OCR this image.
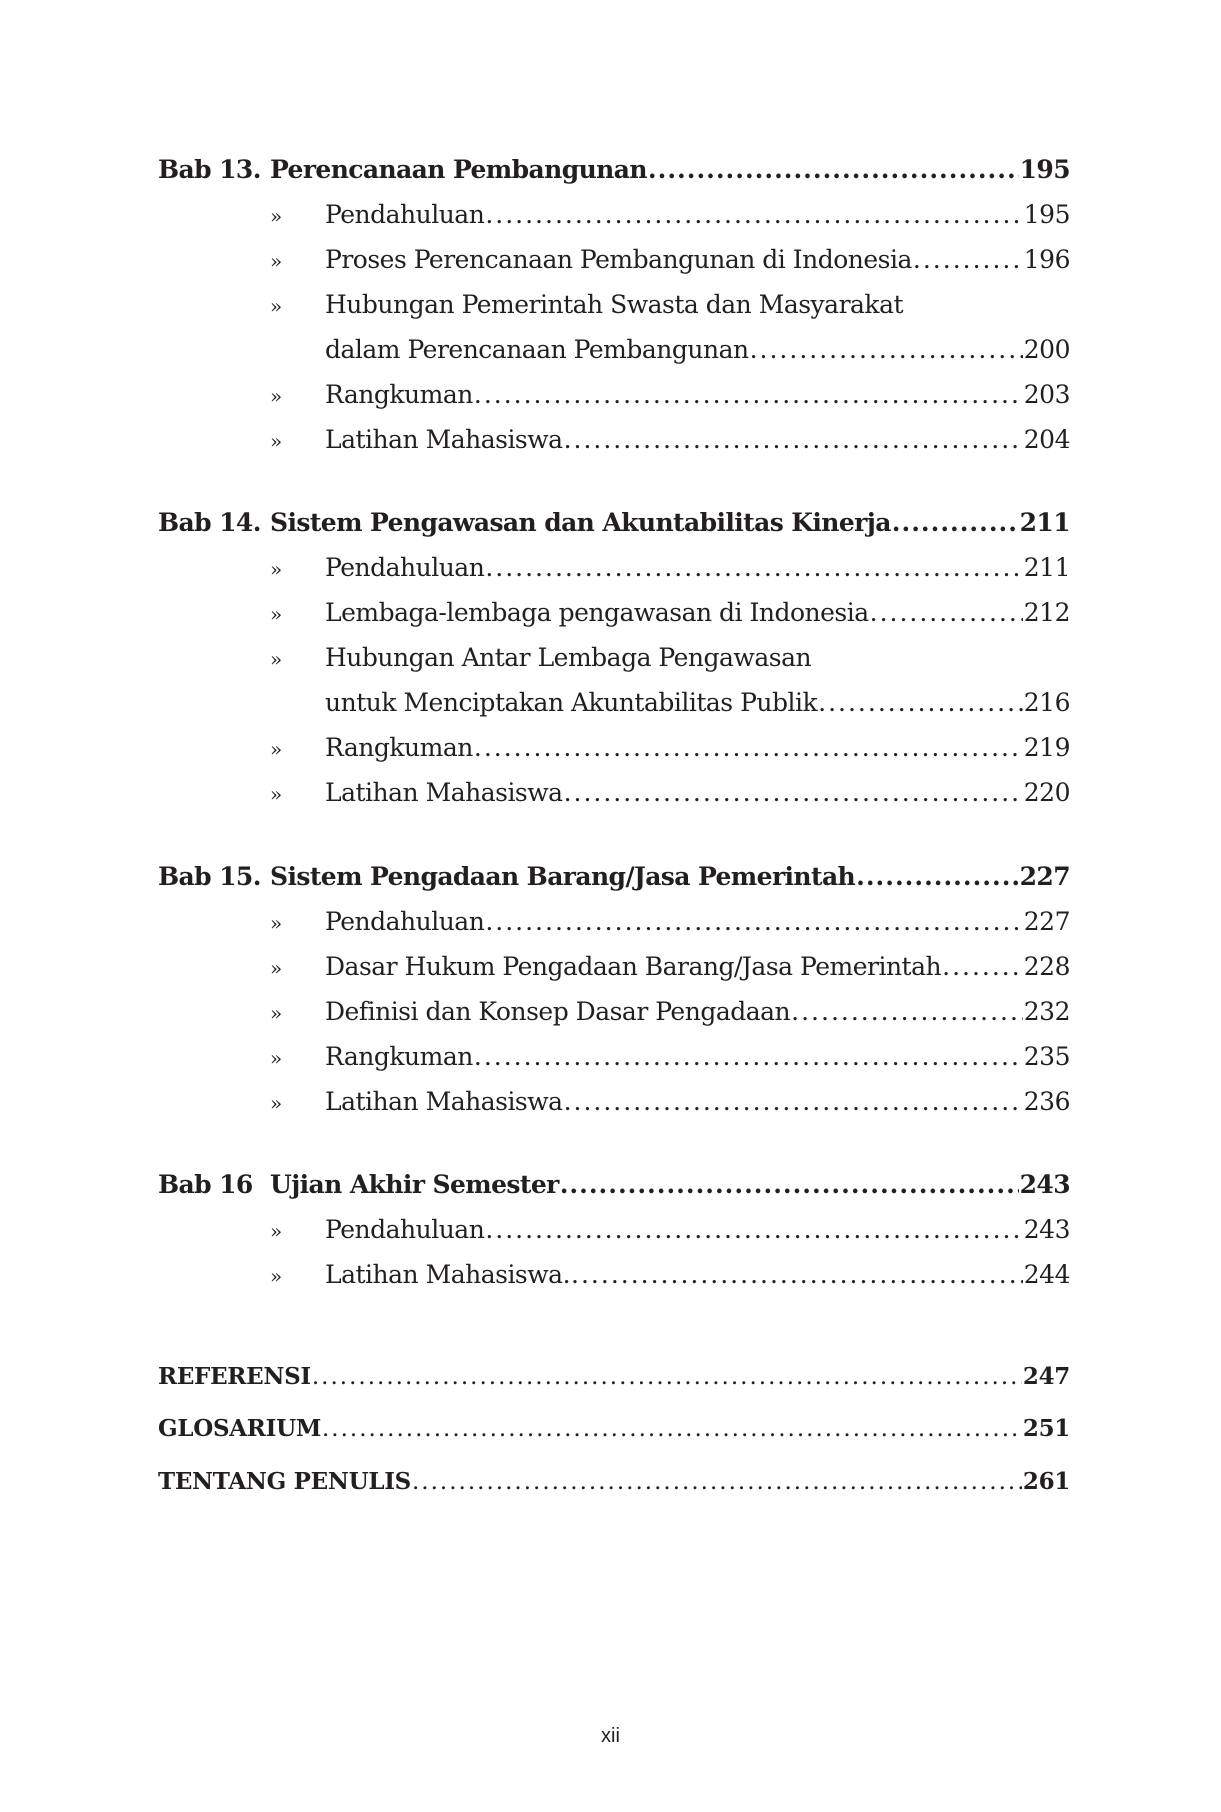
Bab 13. Perencanaan Pembangunan .....	195
»	Pendahuluan .....	195
»	Proses Perencanaan Pembangunan di Indonesia .....	196
»	Hubungan Pemerintah Swasta dan Masyarakat
dalam Perencanaan Pembangunan .....	200
»	Rangkuman .....	203
»	Latihan Mahasiswa .....	204
Bab 14. Sistem Pengawasan dan Akuntabilitas Kinerja .....	211
»	Pendahuluan .....	211
»	Lembaga-lembaga pengawasan di Indonesia .....	212
»	Hubungan Antar Lembaga Pengawasan
untuk Menciptakan Akuntabilitas Publik .....	216
»	Rangkuman .....	219
»	Latihan Mahasiswa .....	220
Bab 15. Sistem Pengadaan Barang/Jasa Pemerintah .....	227
»	Pendahuluan .....	227
»	Dasar Hukum Pengadaan Barang/Jasa Pemerintah .....	228
»	Definisi dan Konsep Dasar Pengadaan .....	232
»	Rangkuman .....	235
»	Latihan Mahasiswa .....	236
Bab 16 Ujian Akhir Semester .....	243
»	Pendahuluan .....	243
»	Latihan Mahasiswa. .....	244
REFERENSI .....	247
GLOSARIUM .....	251
TENTANG PENULIS .....	261
xii
